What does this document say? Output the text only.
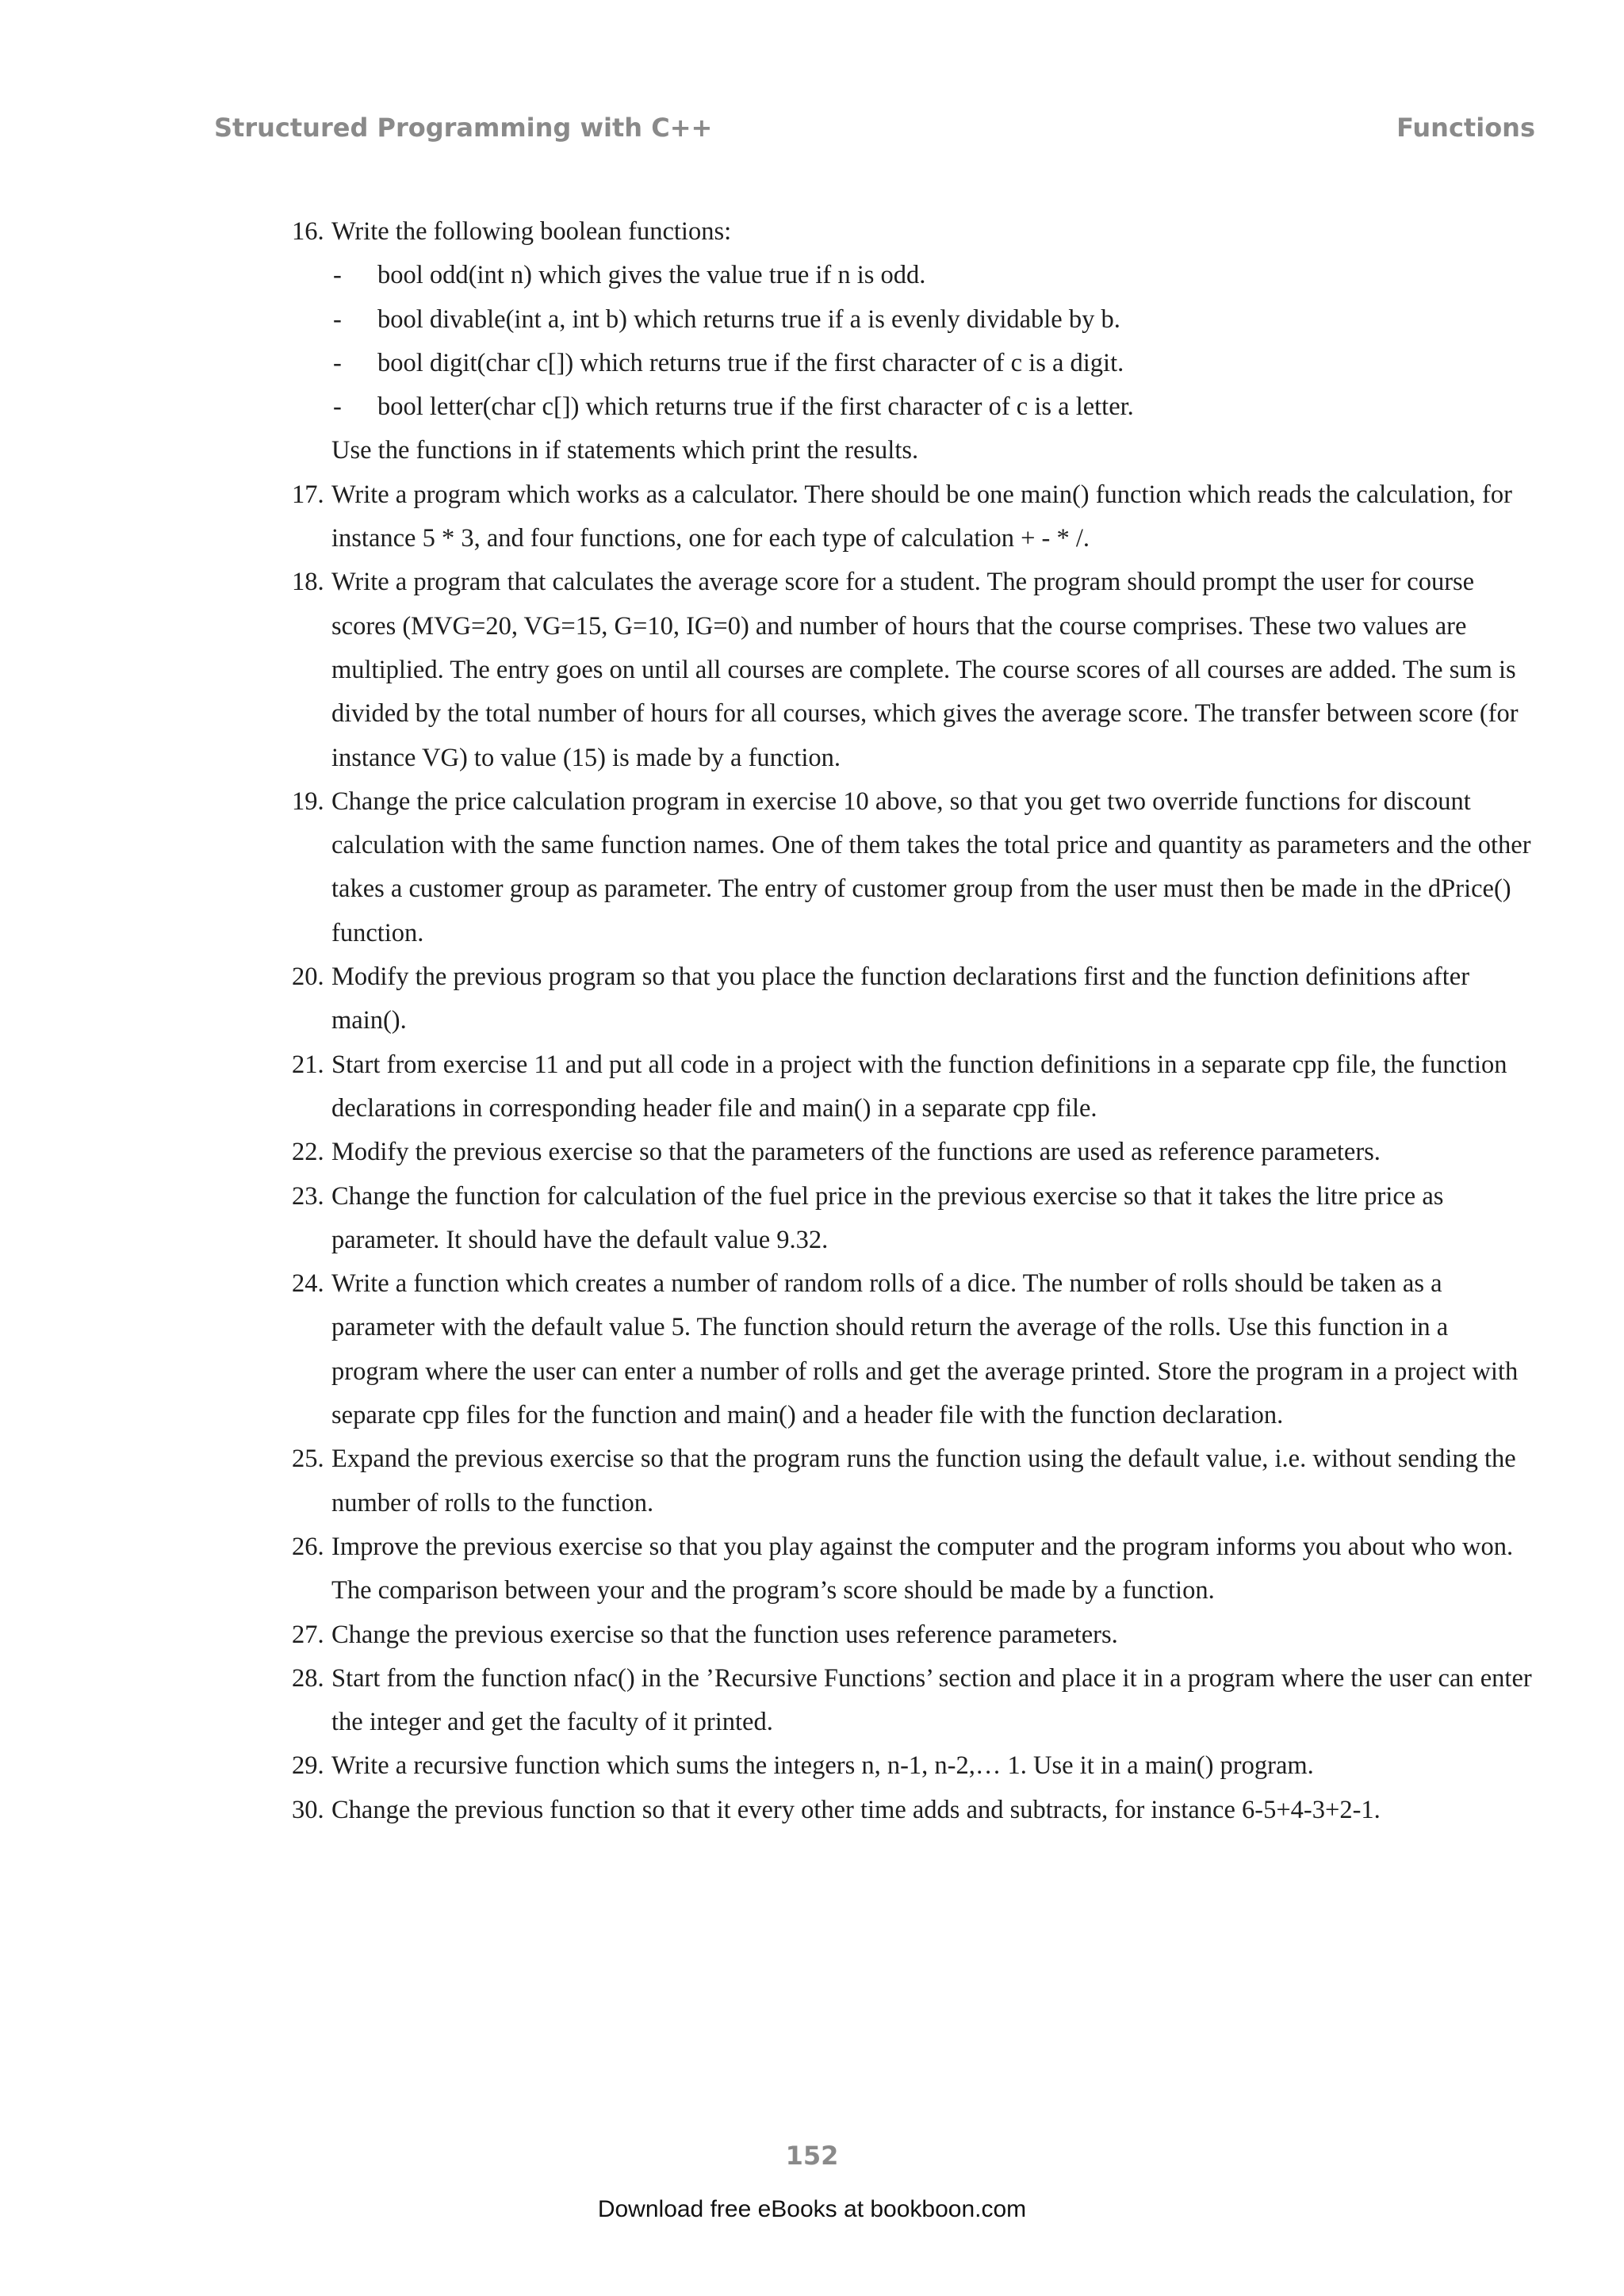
Structured Programming with C++	Functions
16. Write the following boolean functions:
- bool odd(int n) which gives the value true if n is odd.
- bool divable(int a, int b) which returns true if a is evenly dividable by b.
- bool digit(char c[]) which returns true if the first character of c is a digit.
- bool letter(char c[]) which returns true if the first character of c is a letter.
Use the functions in if statements which print the results.
17. Write a program which works as a calculator. There should be one main() function which reads the calculation, for instance 5 * 3, and four functions, one for each type of calculation + - * /.
18. Write a program that calculates the average score for a student. The program should prompt the user for course scores (MVG=20, VG=15, G=10, IG=0) and number of hours that the course comprises. These two values are multiplied. The entry goes on until all courses are complete. The course scores of all courses are added. The sum is divided by the total number of hours for all courses, which gives the average score. The transfer between score (for instance VG) to value (15) is made by a function.
19. Change the price calculation program in exercise 10 above, so that you get two override functions for discount calculation with the same function names. One of them takes the total price and quantity as parameters and the other takes a customer group as parameter. The entry of customer group from the user must then be made in the dPrice() function.
20. Modify the previous program so that you place the function declarations first and the function definitions after main().
21. Start from exercise 11 and put all code in a project with the function definitions in a separate cpp file, the function declarations in corresponding header file and main() in a separate cpp file.
22. Modify the previous exercise so that the parameters of the functions are used as reference parameters.
23. Change the function for calculation of the fuel price in the previous exercise so that it takes the litre price as parameter. It should have the default value 9.32.
24. Write a function which creates a number of random rolls of a dice. The number of rolls should be taken as a parameter with the default value 5. The function should return the average of the rolls. Use this function in a program where the user can enter a number of rolls and get the average printed. Store the program in a project with separate cpp files for the function and main() and a header file with the function declaration.
25. Expand the previous exercise so that the program runs the function using the default value, i.e. without sending the number of rolls to the function.
26. Improve the previous exercise so that you play against the computer and the program informs you about who won. The comparison between your and the program’s score should be made by a function.
27. Change the previous exercise so that the function uses reference parameters.
28. Start from the function nfac() in the ’Recursive Functions’ section and place it in a program where the user can enter the integer and get the faculty of it printed.
29. Write a recursive function which sums the integers n, n-1, n-2,… 1. Use it in a main() program.
30. Change the previous function so that it every other time adds and subtracts, for instance 6-5+4-3+2-1.
152
Download free eBooks at bookboon.com
